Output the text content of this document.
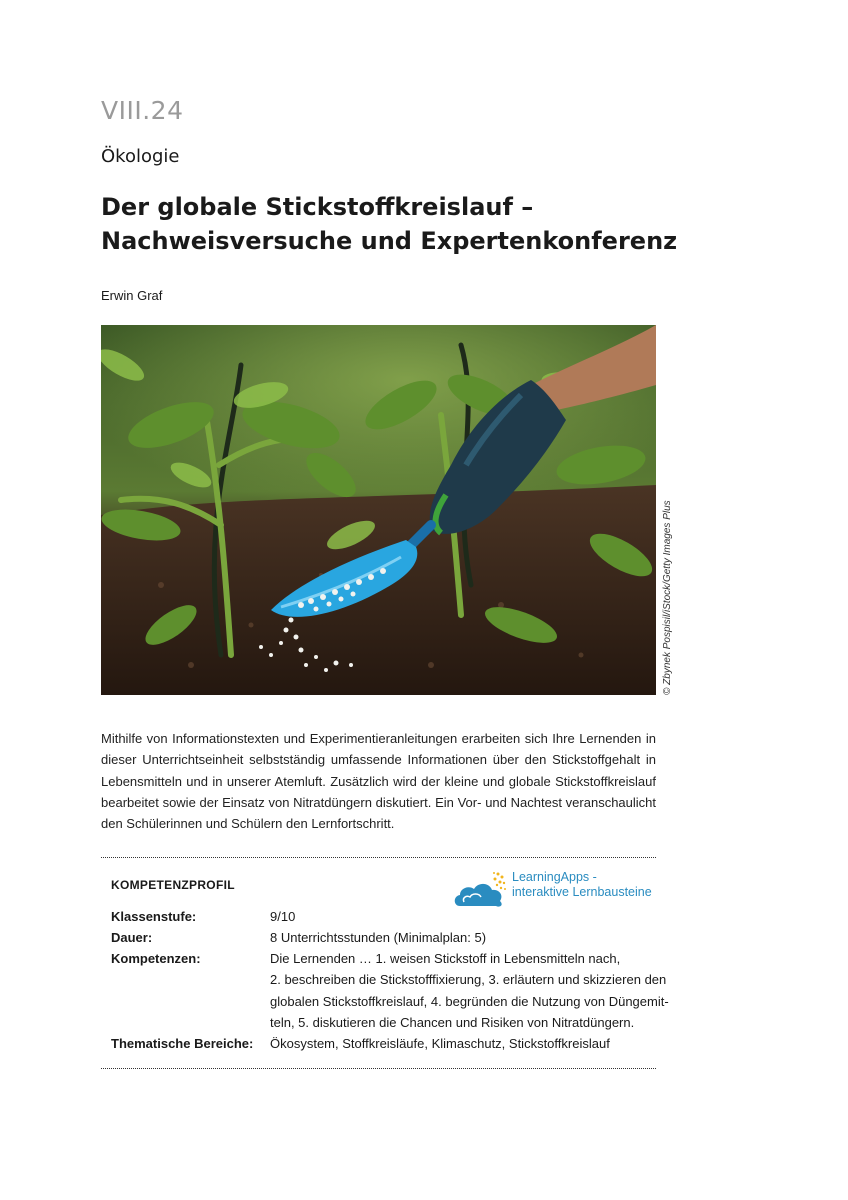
VIII.24
Ökologie
Der globale Stickstoffkreislauf –
Nachweisversuche und Expertenkonferenz
Erwin Graf
© Zbynek Pospisil/iStock/Getty Images Plus

Mithilfe von Informationstexten und Experimentieranleitungen erarbeiten sich Ihre Lernenden in dieser Unterrichtseinheit selbstständig umfassende Informationen über den Stickstoffgehalt in Lebensmitteln und in unserer Atemluft. Zusätzlich wird der kleine und globale Stickstoffkreislauf bearbeitet sowie der Einsatz von Nitratdüngern diskutiert. Ein Vor- und Nachtest veranschaulicht den Schülerinnen und Schülern den Lernfortschritt.

KOMPETENZPROFIL
LearningApps -
interaktive Lernbausteine
Klassenstufe:	9/10
Dauer:	8 Unterrichtsstunden (Minimalplan: 5)
Kompetenzen:	Die Lernenden … 1. weisen Stickstoff in Lebensmitteln nach,
2. beschreiben die Stickstofffixierung, 3. erläutern und skizzieren den
globalen Stickstoffkreislauf, 4. begründen die Nutzung von Düngemit-
teln, 5. diskutieren die Chancen und Risiken von Nitratdüngern.
Thematische Bereiche: Ökosystem, Stoffkreisläufe, Klimaschutz, Stickstoffkreislauf
